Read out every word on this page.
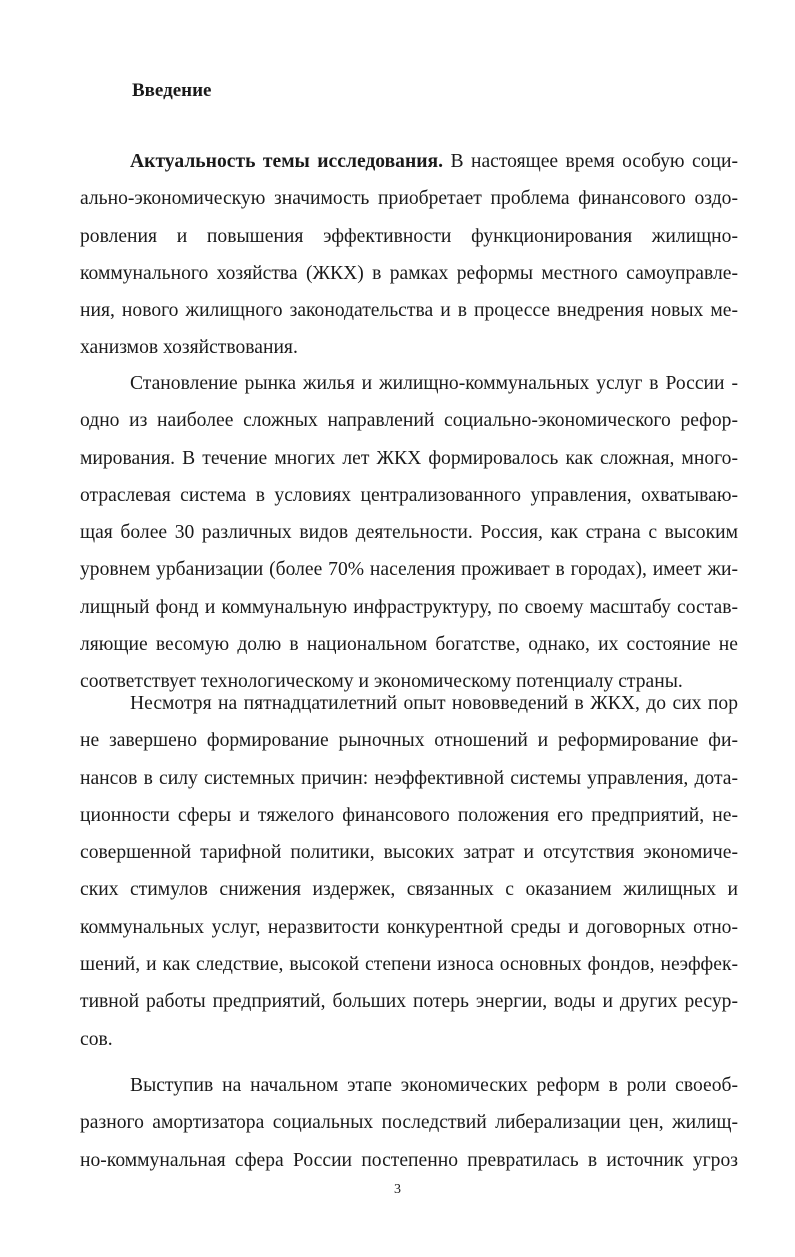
Введение
Актуальность темы исследования. В настоящее время особую соци-
ально-экономическую значимость приобретает проблема финансового оздо-
ровления и повышения эффективности функционирования жилищно-
коммунального хозяйства (ЖКХ) в рамках реформы местного самоуправле-
ния, нового жилищного законодательства и в процессе внедрения новых ме-
ханизмов хозяйствования.
Становление рынка жилья и жилищно-коммунальных услуг в России -
одно из наиболее сложных направлений социально-экономического рефор-
мирования. В течение многих лет ЖКХ формировалось как сложная, много-
отраслевая система в условиях централизованного управления, охватываю-
щая более 30 различных видов деятельности. Россия, как страна с высоким
уровнем урбанизации (более 70% населения проживает в городах), имеет жи-
лищный фонд и коммунальную инфраструктуру, по своему масштабу состав-
ляющие весомую долю в национальном богатстве, однако, их состояние не
соответствует технологическому и экономическому потенциалу страны.
Несмотря на пятнадцатилетний опыт нововведений в ЖКХ, до сих пор
не завершено формирование рыночных отношений и реформирование фи-
нансов в силу системных причин: неэффективной системы управления, дота-
ционности сферы и тяжелого финансового положения его предприятий, не-
совершенной тарифной политики, высоких затрат и отсутствия экономиче-
ских стимулов снижения издержек, связанных с оказанием жилищных и
коммунальных услуг, неразвитости конкурентной среды и договорных отно-
шений, и как следствие, высокой степени износа основных фондов, неэффек-
тивной работы предприятий, больших потерь энергии, воды и других ресур-
сов.
Выступив на начальном этапе экономических реформ в роли своеоб-
разного амортизатора социальных последствий либерализации цен, жилищ-
но-коммунальная сфера России постепенно превратилась в источник угроз
3
